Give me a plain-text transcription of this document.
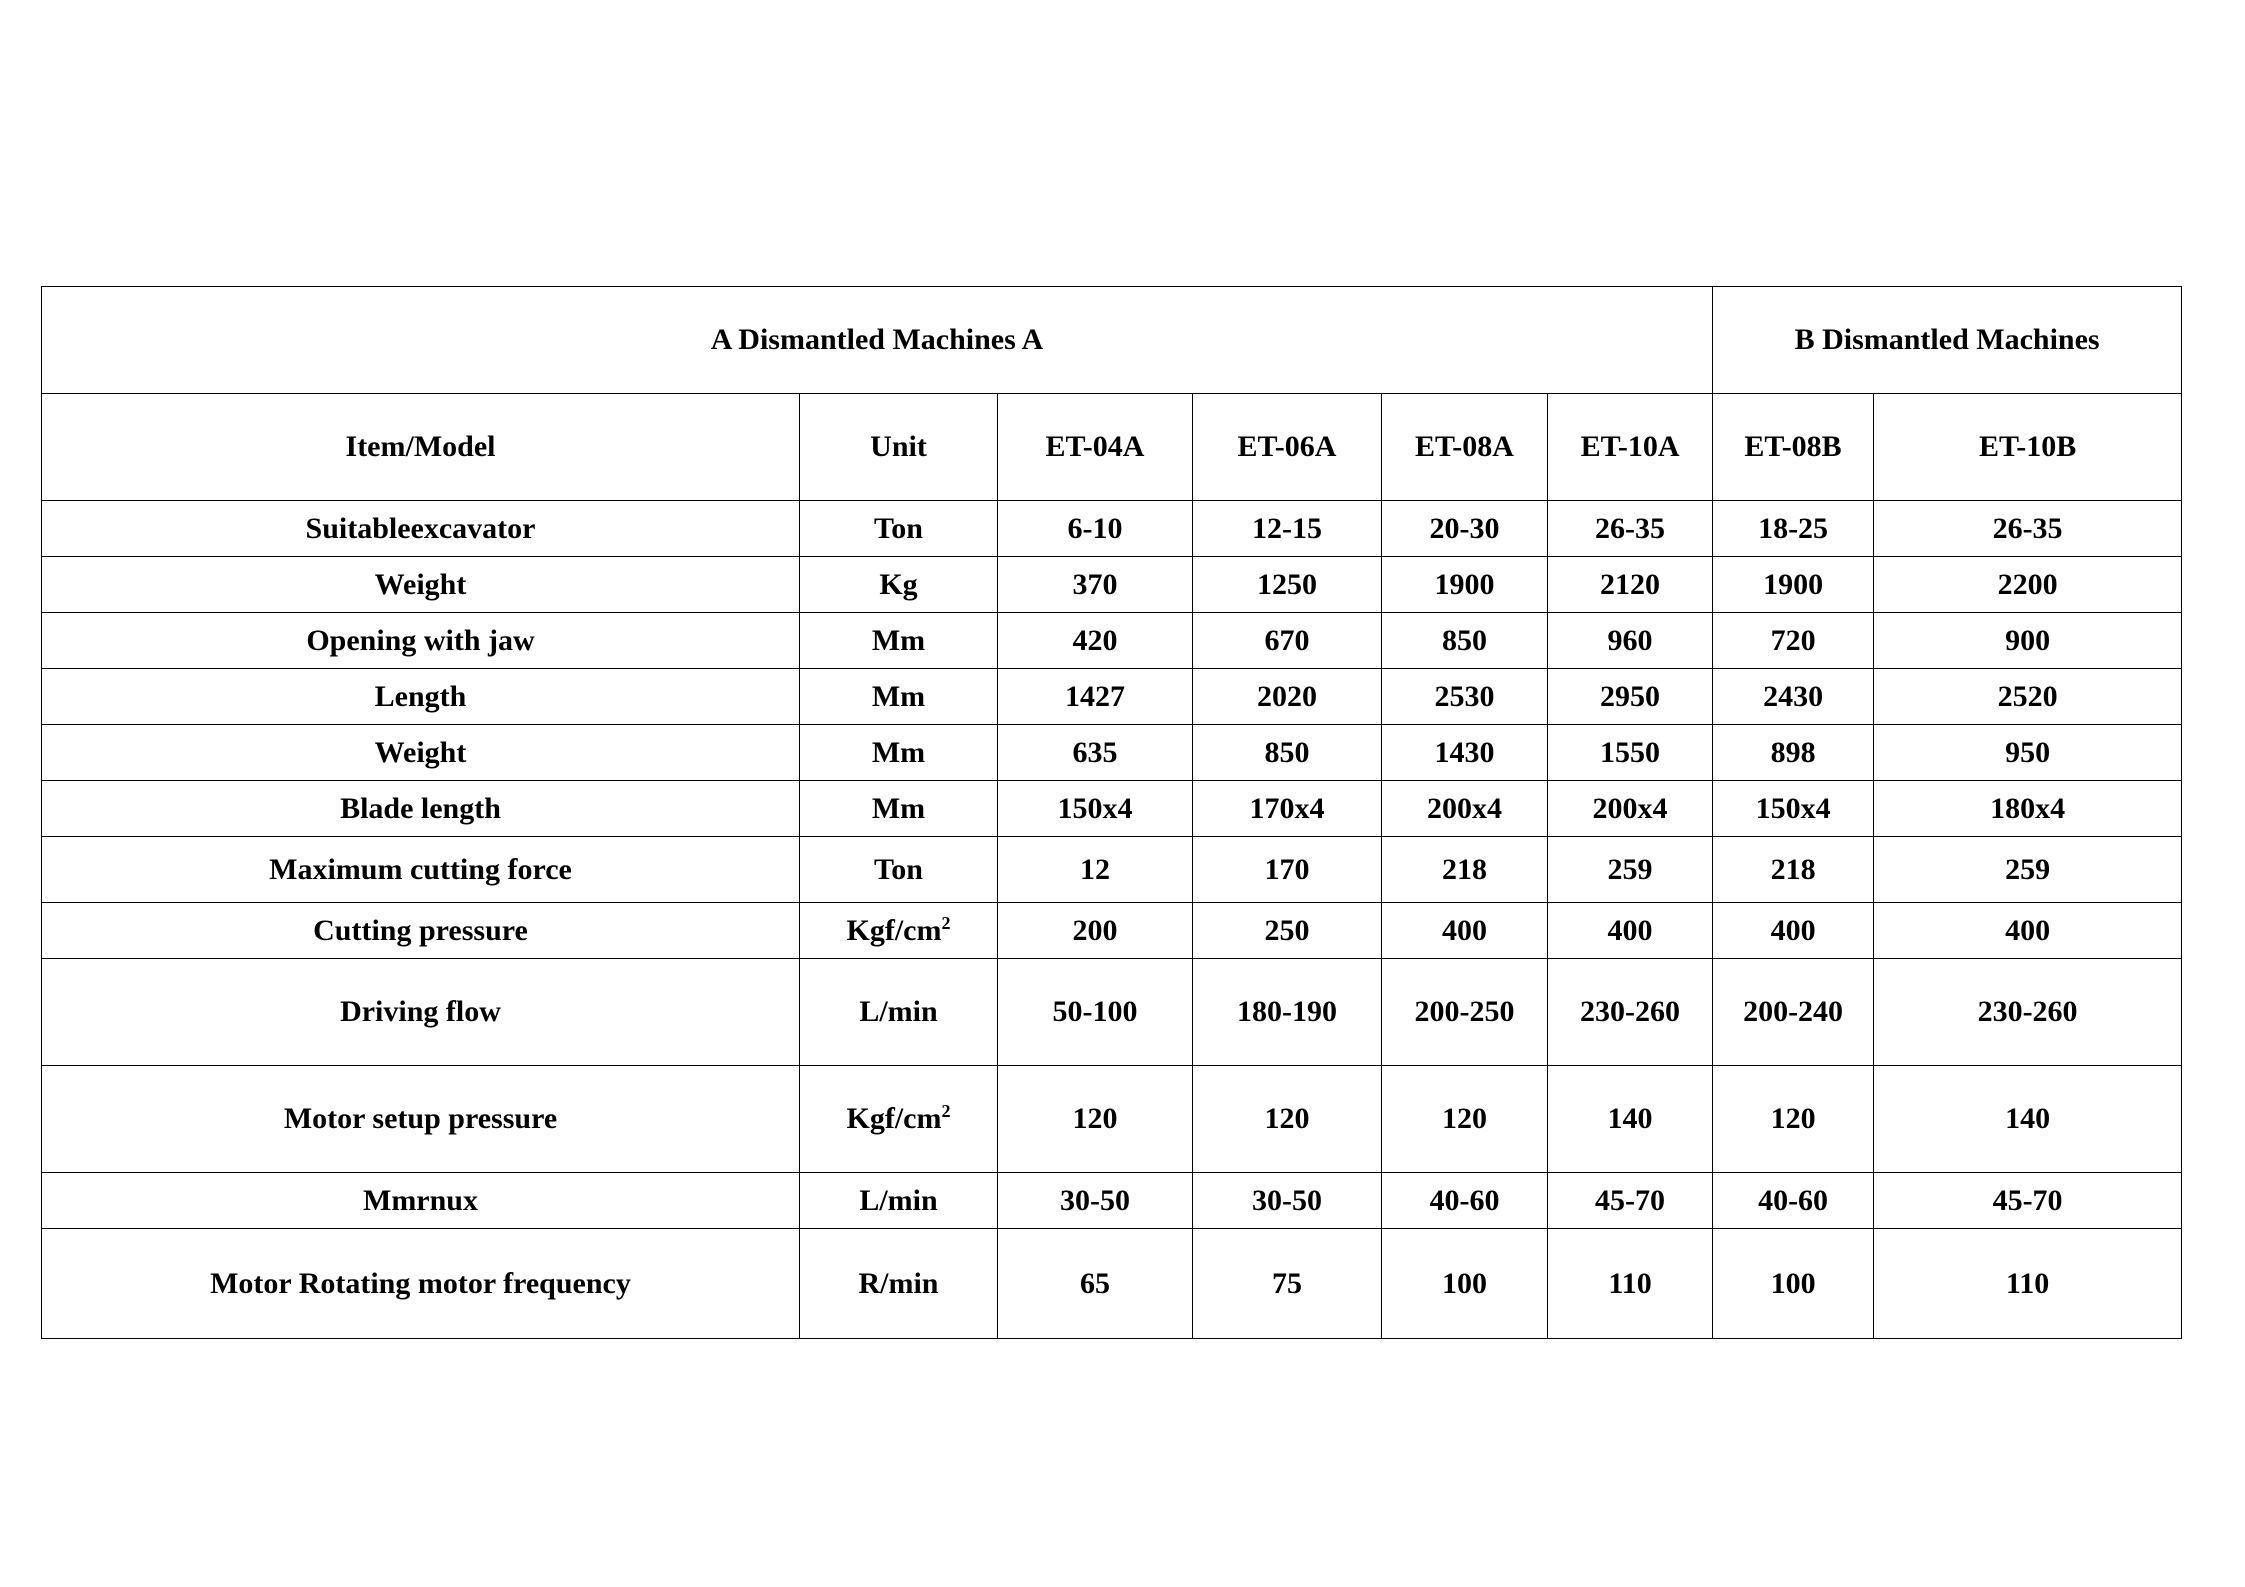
A Dismantled Machines A						B Dismantled Machines	
Item/Model	Unit	ET-04A	ET-06A	ET-08A	ET-10A	ET-08B	ET-10B
Suitableexcavator	Ton	6-10	12-15	20-30	26-35	18-25	26-35
Weight	Kg	370	1250	1900	2120	1900	2200
Opening with jaw	Mm	420	670	850	960	720	900
Length	Mm	1427	2020	2530	2950	2430	2520
Weight	Mm	635	850	1430	1550	898	950
Blade length	Mm	150x4	170x4	200x4	200x4	150x4	180x4
Maximum cutting force	Ton	12	170	218	259	218	259
Cutting pressure	Kgf/$cm^2$	200	250	400	400	400	400
Driving flow	L/min	50-100	180-190	200-250	230-260	200-240	230-260
Motor setup pressure	Kgf/$cm^2$	120	120	120	140	120	140
Mmrnux	L/min	30-50	30-50	40-60	45-70	40-60	45-70
Motor Rotating motor frequency	R/min	65	75	100	110	100	110
